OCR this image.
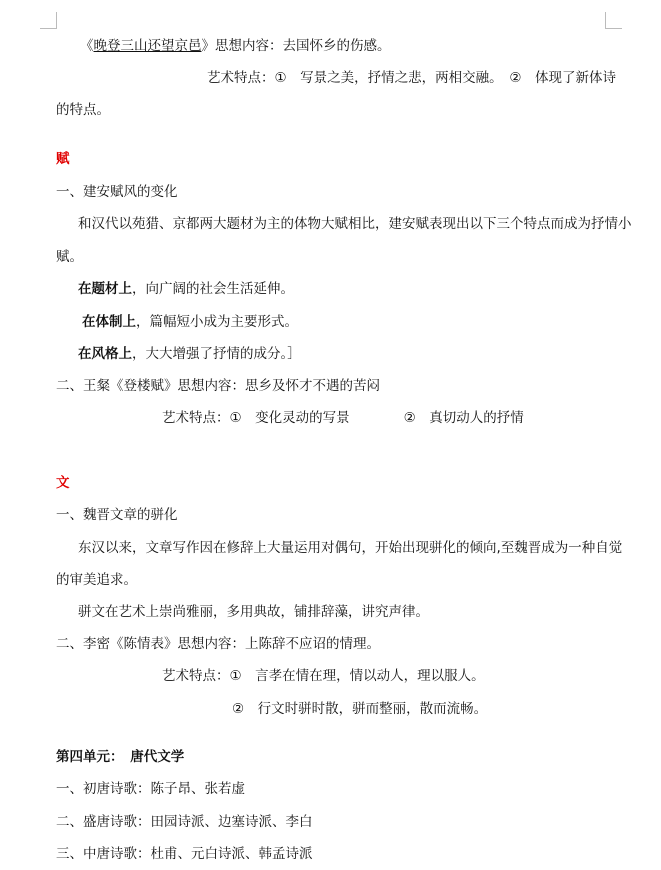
《晚登三山还望京邑》思想内容：去国怀乡的伤感。
艺术特点：①　写景之美，抒情之悲，两相交融。　②　体现了新体诗
的特点。
赋
一、建安赋风的变化
和汉代以苑猎、京都两大题材为主的体物大赋相比，建安赋表现出以下三个特点而成为抒情小
赋。
在题材上，向广阔的社会生活延伸。
在体制上，篇幅短小成为主要形式。
在风格上，大大增强了抒情的成分。］
二、王粲《登楼赋》思想内容：思乡及怀才不遇的苦闷
艺术特点：①　变化灵动的写景　　　　②　真切动人的抒情
文
一、魏晋文章的骈化
东汉以来，文章写作因在修辞上大量运用对偶句，开始出现骈化的倾向,至魏晋成为一种自觉
的审美追求。
骈文在艺术上崇尚雅丽，多用典故，铺排辞藻，讲究声律。
二、李密《陈情表》思想内容：上陈辞不应诏的情理。
艺术特点：①　言孝在情在理，情以动人，理以服人。
②　行文时骈时散，骈而整丽，散而流畅。
第四单元：　唐代文学
一、初唐诗歌：陈子昂、张若虚
二、盛唐诗歌：田园诗派、边塞诗派、李白
三、中唐诗歌：杜甫、元白诗派、韩孟诗派
